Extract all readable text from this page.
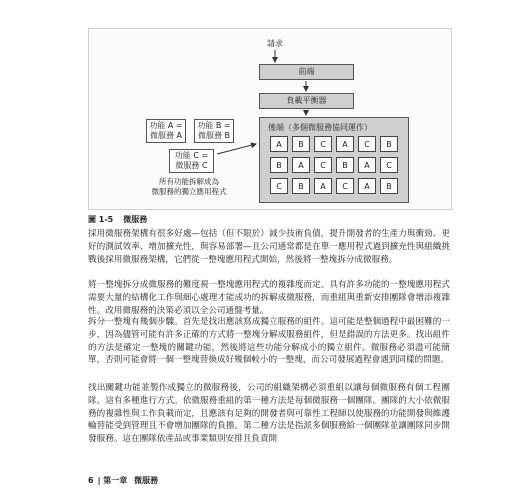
請求
前端
負載平衡器
後端（多個微服務協同運作）
A	B	C	A	C	B
B	A	C	B	A	C
C	B	A	C	A	B
功能 A =
微服務 A
功能 B =
微服務 B
功能 C =
微服務 C
所有功能拆解成為
微服務的獨立應用程式
圖 1-5 微服務

採用微服務架構有很多好處—包括（但不限於）減少技術負債，提升開發者的生產力與衝勁、更好的測試效率、增加擴充性，與容易部署—且公司通常都是在單一應用程式過到擴充性與組織挑戰後採用微服務架構，它們從一整塊應用程式開始，然後將一整塊拆分成微服務。

將一整塊拆分成微服務的難度視一整塊應用程式的複雜度而定。具有許多功能的一整塊應用程式需要大量的結構化工作與細心處理才能成功的拆解成微服務，而重組與重新安排團隊會增添複雜性。改用微服務的決策必須以全公司通盤考量。

拆分一整塊有幾個步驟。首先是找出應該寫成獨立服務的組件。這可能是整個過程中最困難的一步，因為儘管可能有許多正確的方式將一整塊分解成服務組件，但是錯誤的方法更多。找出組件的方法是確定一整塊的關鍵功能，然後將這些功能分解成小的獨立組件。微服務必須盡可能簡單，否則可能會將一個一整塊替換成好幾個較小的一整塊，而公司發展過程會遇到同樣的問題。

找出關鍵功能並製作成獨立的微服務後，公司的組織架構必須重組以讓每個微服務有個工程團隊。這有多種進行方式。依微服務重組的第一種方法是每個微服務一個團隊。團隊的大小依微服務的複雜性與工作負載而定，且應該有足夠的開發者與可靠性工程師以使服務的功能開發與維護輪替能受到管理且不會增加團隊的負擔。第二種方法是指派多個服務給一個團隊並讓團隊同步開發服務。這在團隊依產品或事業類別安排且負責開

6 | 第一章 微服務
